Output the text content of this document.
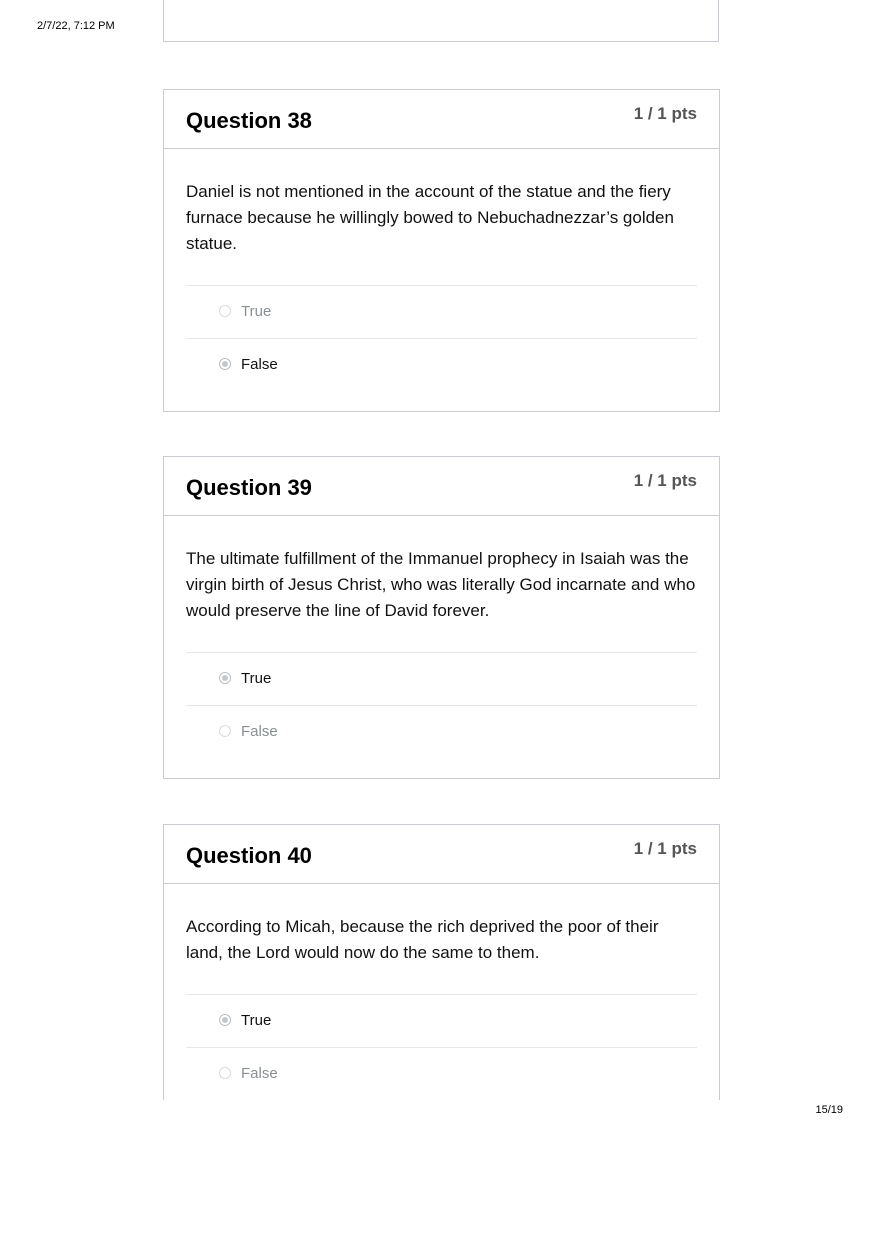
2/7/22, 7:12 PM
Question 38	1 / 1 pts

Daniel is not mentioned in the account of the statue and the fiery furnace because he willingly bowed to Nebuchadnezzar’s golden statue.

True
False
Question 39	1 / 1 pts

The ultimate fulfillment of the Immanuel prophecy in Isaiah was the virgin birth of Jesus Christ, who was literally God incarnate and who would preserve the line of David forever.

True
False
Question 40	1 / 1 pts

According to Micah, because the rich deprived the poor of their land, the Lord would now do the same to them.

True
False
15/19
